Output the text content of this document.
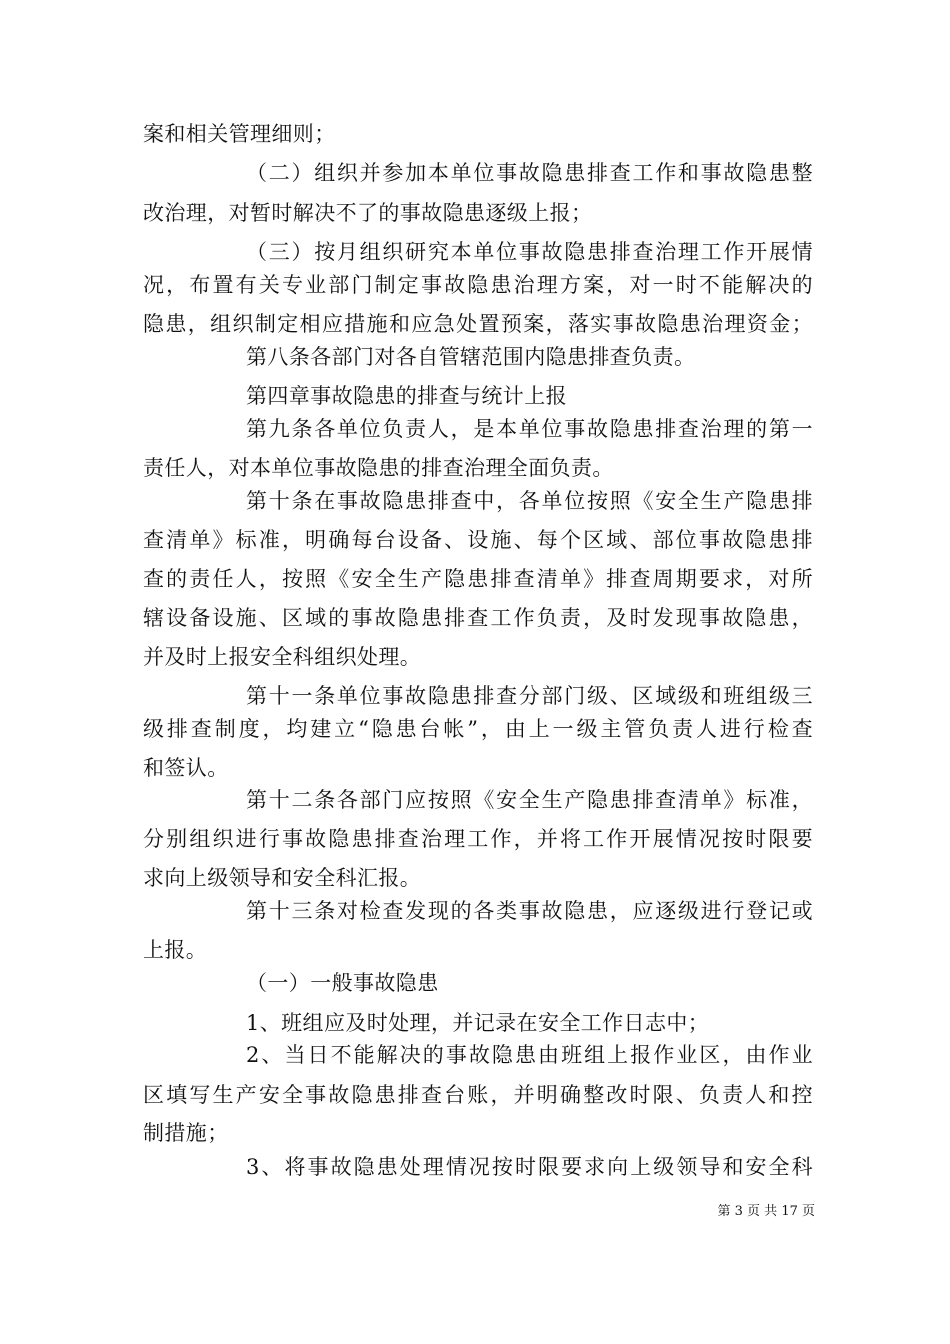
案和相关管理细则；
（二）组织并参加本单位事故隐患排查工作和事故隐患整
改治理，对暂时解决不了的事故隐患逐级上报；
（三）按月组织研究本单位事故隐患排查治理工作开展情
况，布置有关专业部门制定事故隐患治理方案，对一时不能解决的
隐患，组织制定相应措施和应急处置预案，落实事故隐患治理资金；
第八条各部门对各自管辖范围内隐患排查负责。
第四章事故隐患的排查与统计上报
第九条各单位负责人，是本单位事故隐患排查治理的第一
责任人，对本单位事故隐患的排查治理全面负责。
第十条在事故隐患排查中，各单位按照《安全生产隐患排
查清单》标准，明确每台设备、设施、每个区域、部位事故隐患排
查的责任人，按照《安全生产隐患排查清单》排查周期要求，对所
辖设备设施、区域的事故隐患排查工作负责，及时发现事故隐患，
并及时上报安全科组织处理。
第十一条单位事故隐患排查分部门级、区域级和班组级三
级排查制度，均建立“隐患台帐”，由上一级主管负责人进行检查
和签认。
第十二条各部门应按照《安全生产隐患排查清单》标准，
分别组织进行事故隐患排查治理工作，并将工作开展情况按时限要
求向上级领导和安全科汇报。
第十三条对检查发现的各类事故隐患，应逐级进行登记或
上报。
（一）一般事故隐患
1、班组应及时处理，并记录在安全工作日志中；
2、当日不能解决的事故隐患由班组上报作业区，由作业
区填写生产安全事故隐患排查台账，并明确整改时限、负责人和控
制措施；
3、将事故隐患处理情况按时限要求向上级领导和安全科
第 3 页 共 17 页
